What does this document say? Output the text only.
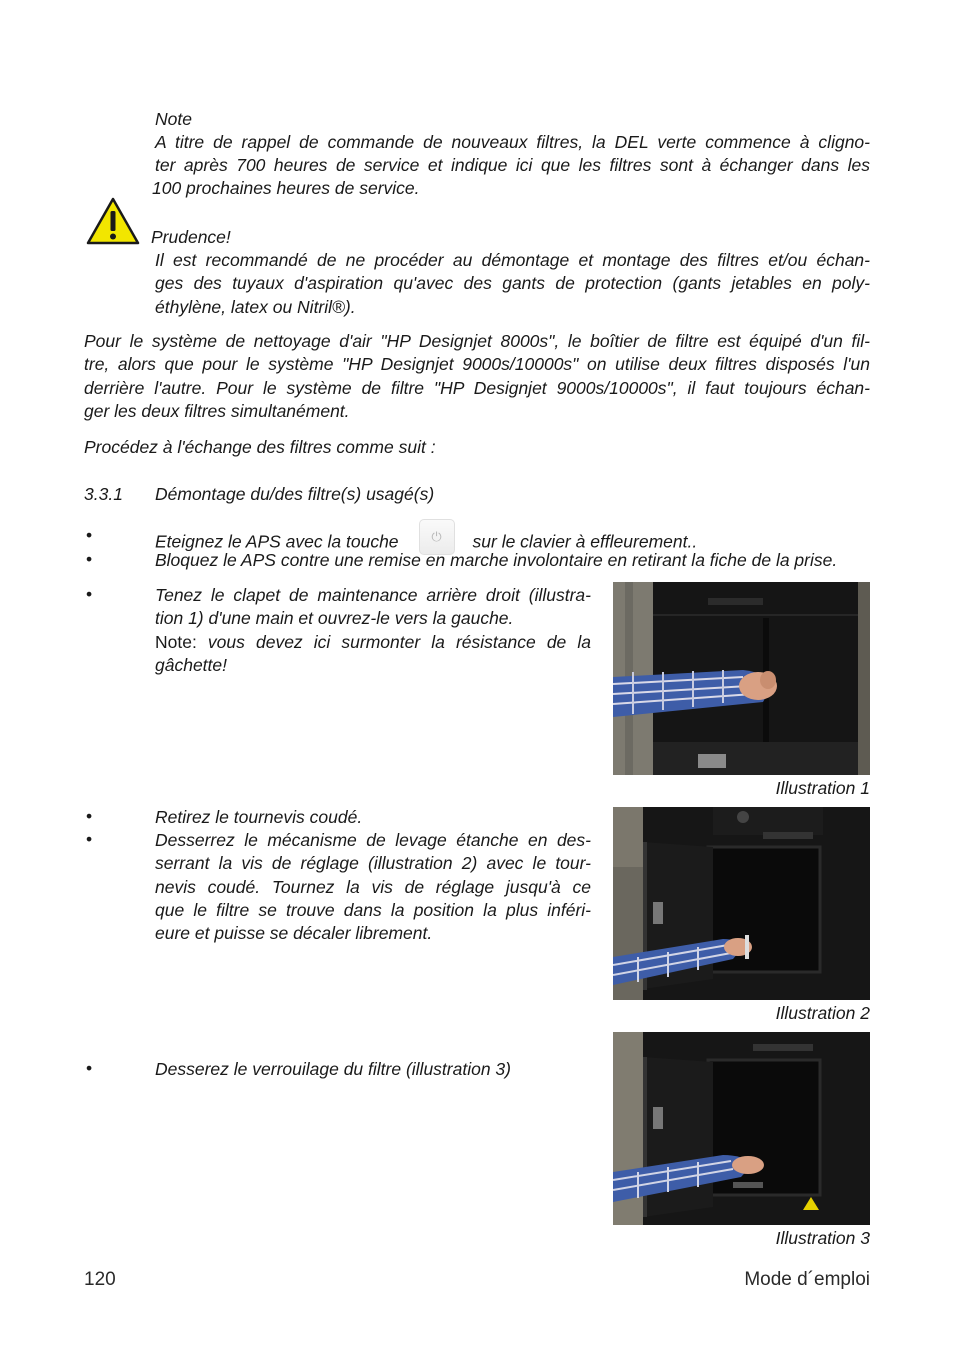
Note
A titre de rappel de commande de nouveaux filtres, la DEL verte commence à cligno-
ter après 700 heures de service et indique ici que les filtres sont à échanger dans les
100 prochaines heures de service.
Prudence!
Il est recommandé de ne procéder au démontage et montage des filtres et/ou échan-
ges des tuyaux d'aspiration qu'avec des gants de protection (gants jetables en poly-
éthylène, latex ou Nitril®).
Pour le système de nettoyage d'air "HP Designjet 8000s", le boîtier de filtre est équipé d'un fil-
tre, alors que pour le système "HP Designjet 9000s/10000s" on utilise deux filtres disposés l'un
derrière l'autre. Pour le système de filtre "HP Designjet 9000s/10000s", il faut toujours échan-
ger les deux filtres simultanément.
Procédez à l'échange des filtres comme suit :
3.3.1 Démontage du/des filtre(s) usagé(s)
•	Eteignez le APS avec la touche	⏻ sur le clavier à effleurement..
•	Bloquez le APS contre une remise en marche involontaire en retirant la fiche de la prise.
•	Tenez le clapet de maintenance arrière droit (illustra-
tion 1) d'une main et ouvrez-le vers la gauche.
Note: vous devez ici surmonter la résistance de la
gâchette!
Illustration 1
•	Retirez le tournevis coudé.
•	Desserrez le mécanisme de levage étanche en des-
serrant la vis de réglage (illustration 2) avec le tour-
nevis coudé. Tournez la vis de réglage jusqu'à ce
que le filtre se trouve dans la position la plus inféri-
eure et puisse se décaler librement.
Illustration 2
•	Desserez le verrouilage du filtre (illustration 3)
Illustration 3
120	Mode d´emploi
